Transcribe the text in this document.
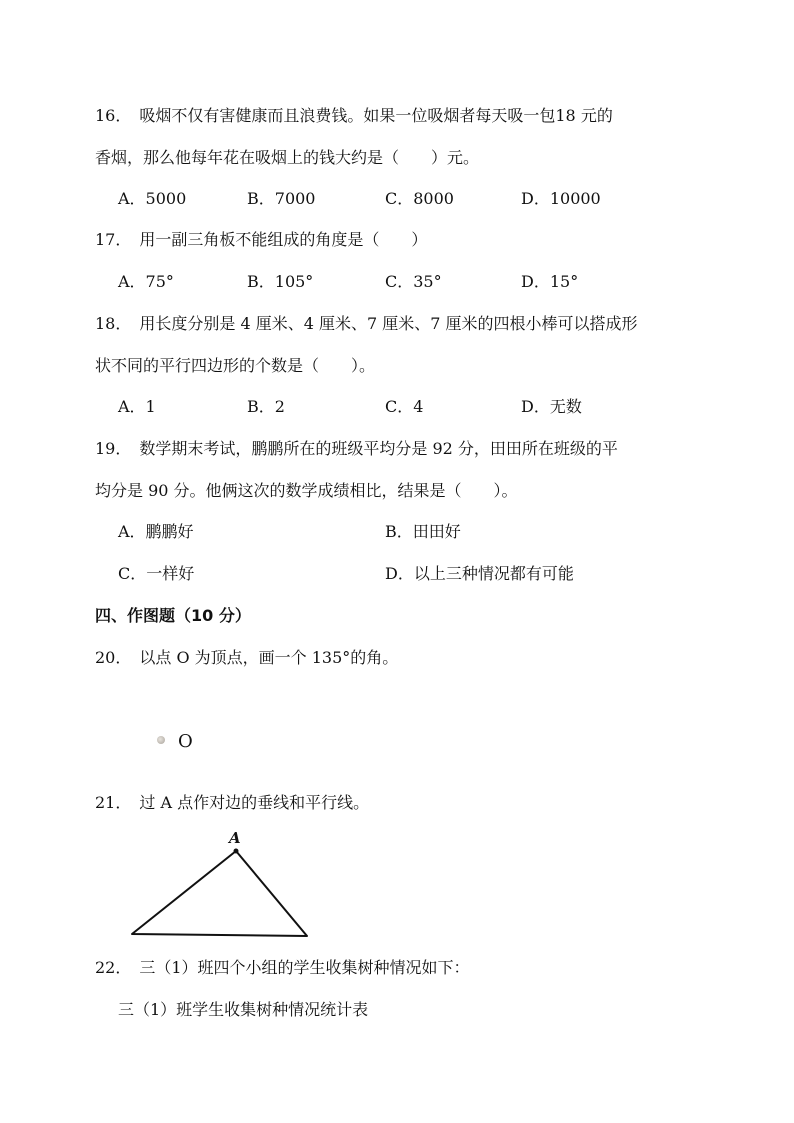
16． 吸烟不仅有害健康而且浪费钱。如果一位吸烟者每天吸一包18 元的
香烟，那么他每年花在吸烟上的钱大约是（　　）元。
A．5000	B．7000	C．8000	D．10000
17． 用一副三角板不能组成的角度是（　　）
A．75°	B．105°	C．35°	D．15°
18． 用长度分别是 4 厘米、4 厘米、7 厘米、7 厘米的四根小棒可以搭成形
状不同的平行四边形的个数是（　　）。
A．1	B．2	C．4	D．无数
19． 数学期末考试，鹏鹏所在的班级平均分是 92 分，田田所在班级的平
均分是 90 分。他俩这次的数学成绩相比，结果是（　　）。
A．鹏鹏好	B．田田好
C．一样好	D．以上三种情况都有可能
四、作图题（10 分）
20． 以点 O 为顶点，画一个 135°的角。
O
21． 过 A 点作对边的垂线和平行线。
A
22． 三（1）班四个小组的学生收集树种情况如下：
三（1）班学生收集树种情况统计表
